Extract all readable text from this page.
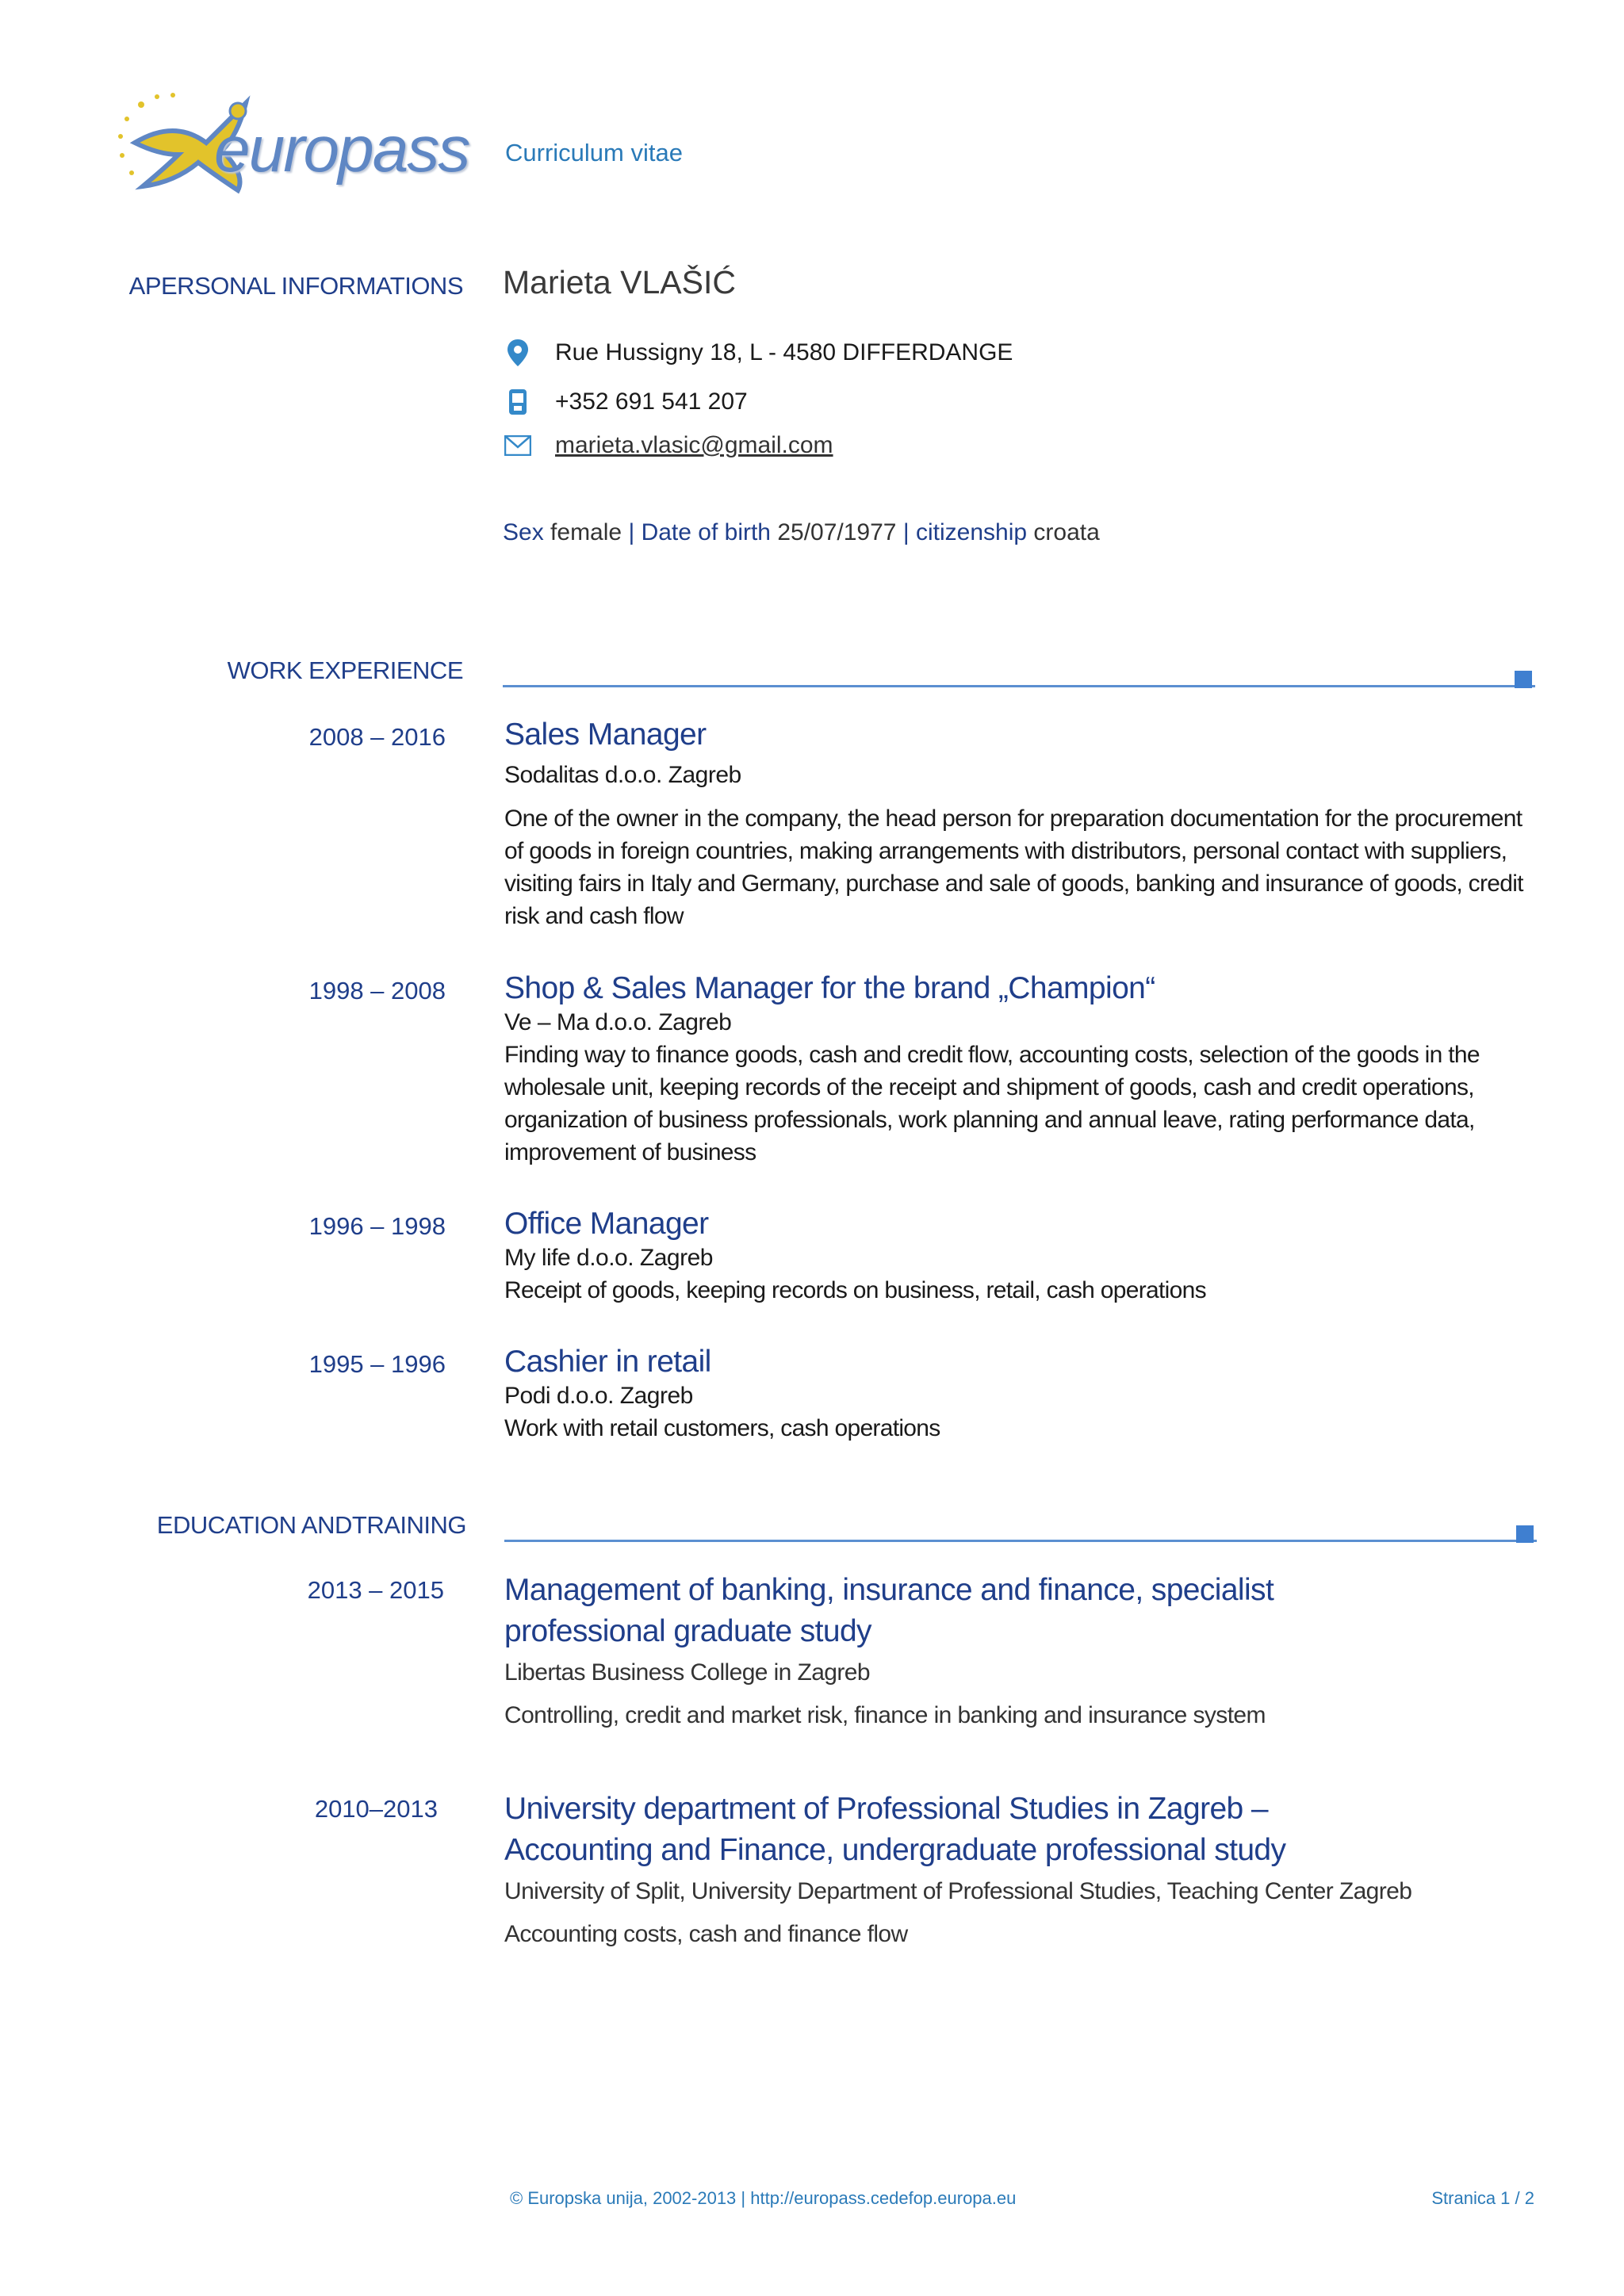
europass Curriculum vitae
APERSONAL INFORMATIONS Marieta VLAŠIĆ
Rue Hussigny 18, L - 4580 DIFFERDANGE
+352 691 541 207
marieta.vlasic@gmail.com
Sex female | Date of birth 25/07/1977 | citizenship croata
WORK EXPERIENCE
2008 – 2016 Sales Manager
Sodalitas d.o.o. Zagreb
One of the owner in the company, the head person for preparation documentation for the procurement of goods in foreign countries, making arrangements with distributors, personal contact with suppliers, visiting fairs in Italy and Germany, purchase and sale of goods, banking and insurance of goods, credit risk and cash flow
1998 – 2008 Shop & Sales Manager for the brand „Champion“
Ve – Ma d.o.o. Zagreb
Finding way to finance goods, cash and credit flow, accounting costs, selection of the goods in the wholesale unit, keeping records of the receipt and shipment of goods, cash and credit operations, organization of business professionals, work planning and annual leave, rating performance data, improvement of business
1996 – 1998 Office Manager
My life d.o.o. Zagreb
Receipt of goods, keeping records on business, retail, cash operations
1995 – 1996 Cashier in retail
Podi d.o.o. Zagreb
Work with retail customers, cash operations
EDUCATION ANDTRAINING
2013 – 2015 Management of banking, insurance and finance, specialist
professional graduate study
Libertas Business College in Zagreb
Controlling, credit and market risk, finance in banking and insurance system
2010–2013 University department of Professional Studies in Zagreb –
Accounting and Finance, undergraduate professional study
University of Split, University Department of Professional Studies, Teaching Center Zagreb
Accounting costs, cash and finance flow
© Europska unija, 2002-2013 | http://europass.cedefop.europa.eu	Stranica 1 / 2
